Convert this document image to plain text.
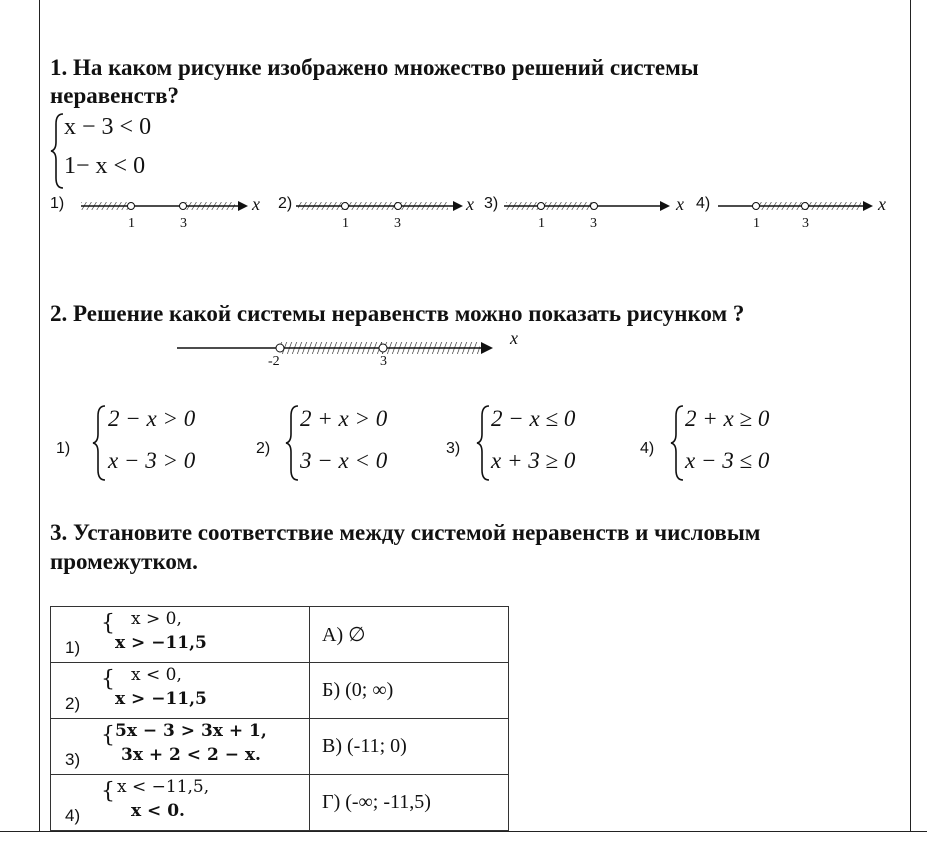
1. На каком рисунке изображено множество решений системы
неравенств?
x − 3 < 0
1− x < 0
1)	x
1	3
2)	x
1	3
3)	x
1	3
4)	x
1	3
2. Решение какой системы неравенств можно показать рисунком ?
x
-2	3
1)
2 − x > 0
x − 3 > 0	2)
2 + x > 0
3 − x < 0	3)
2 − x ≤ 0
x + 3 ≥ 0	4)
2 + x ≥ 0
x − 3 ≤ 0
3. Установите соответствие между системой неравенств и числовым
промежутком.
1)
{ x > 0,
x > −11,5	А) ∅

2)
{ x < 0,
x > −11,5	Б) (0; ∞)

3)
{ 5x − 3 > 3x + 1,
3x + 2 < 2 − x.	В) (-11; 0)

4)
{ x < −11,5,
x < 0.	Г) (-∞; -11,5)
